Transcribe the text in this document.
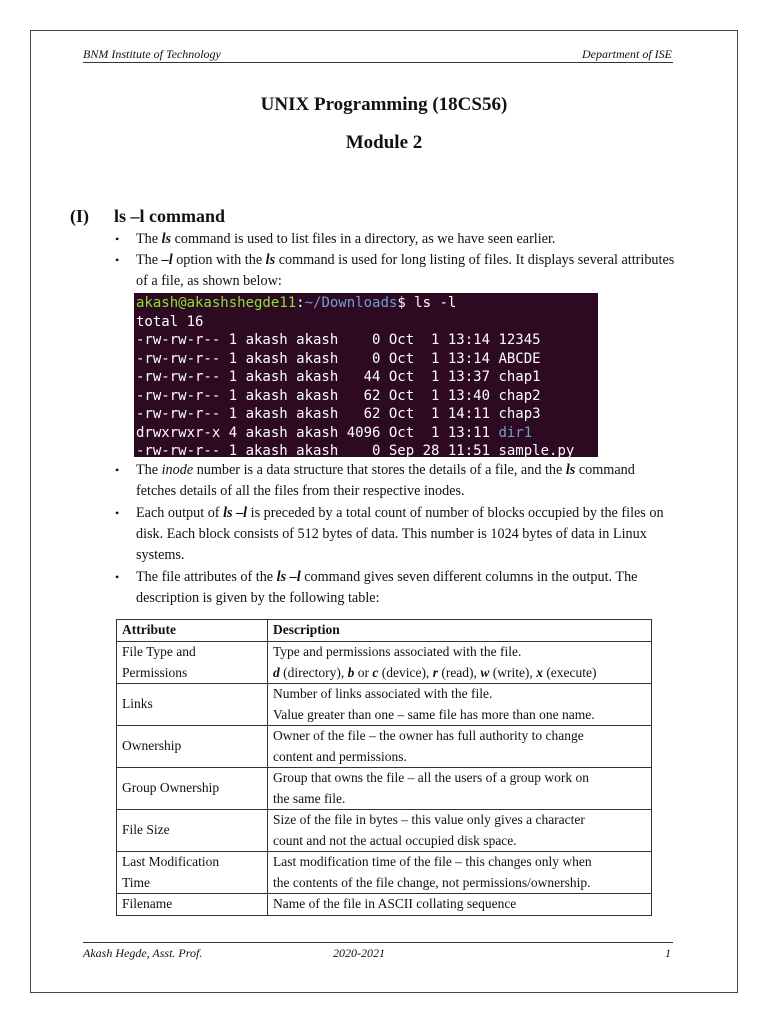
BNM Institute of Technology	Department of ISE
UNIX Programming (18CS56)
Module 2
(I) ls –l command
• The ls command is used to list files in a directory, as we have seen earlier.
• The –l option with the ls command is used for long listing of files. It displays several attributes of a file, as shown below:
akash@akashshegde11:~/Downloads$ ls -l
total 16
-rw-rw-r-- 1 akash akash    0 Oct  1 13:14 12345
-rw-rw-r-- 1 akash akash    0 Oct  1 13:14 ABCDE
-rw-rw-r-- 1 akash akash   44 Oct  1 13:37 chap1
-rw-rw-r-- 1 akash akash   62 Oct  1 13:40 chap2
-rw-rw-r-- 1 akash akash   62 Oct  1 14:11 chap3
drwxrwxr-x 4 akash akash 4096 Oct  1 13:11 dir1
-rw-rw-r-- 1 akash akash    0 Sep 28 11:51 sample.py
• The inode number is a data structure that stores the details of a file, and the ls command fetches details of all the files from their respective inodes.
• Each output of ls –l is preceded by a total count of number of blocks occupied by the files on disk. Each block consists of 512 bytes of data. This number is 1024 bytes of data in Linux systems.
• The file attributes of the ls –l command gives seven different columns in the output. The description is given by the following table:
Attribute	Description
File Type and
Permissions	Type and permissions associated with the file.
d (directory), b or c (device), r (read), w (write), x (execute)
Links	Number of links associated with the file.
Value greater than one – same file has more than one name.
Ownership	Owner of the file – the owner has full authority to change
content and permissions.
Group Ownership	Group that owns the file – all the users of a group work on
the same file.
File Size	Size of the file in bytes – this value only gives a character
count and not the actual occupied disk space.
Last Modification
Time	Last modification time of the file – this changes only when
the contents of the file change, not permissions/ownership.
Filename	Name of the file in ASCII collating sequence
Akash Hegde, Asst. Prof.	2020-2021	1
